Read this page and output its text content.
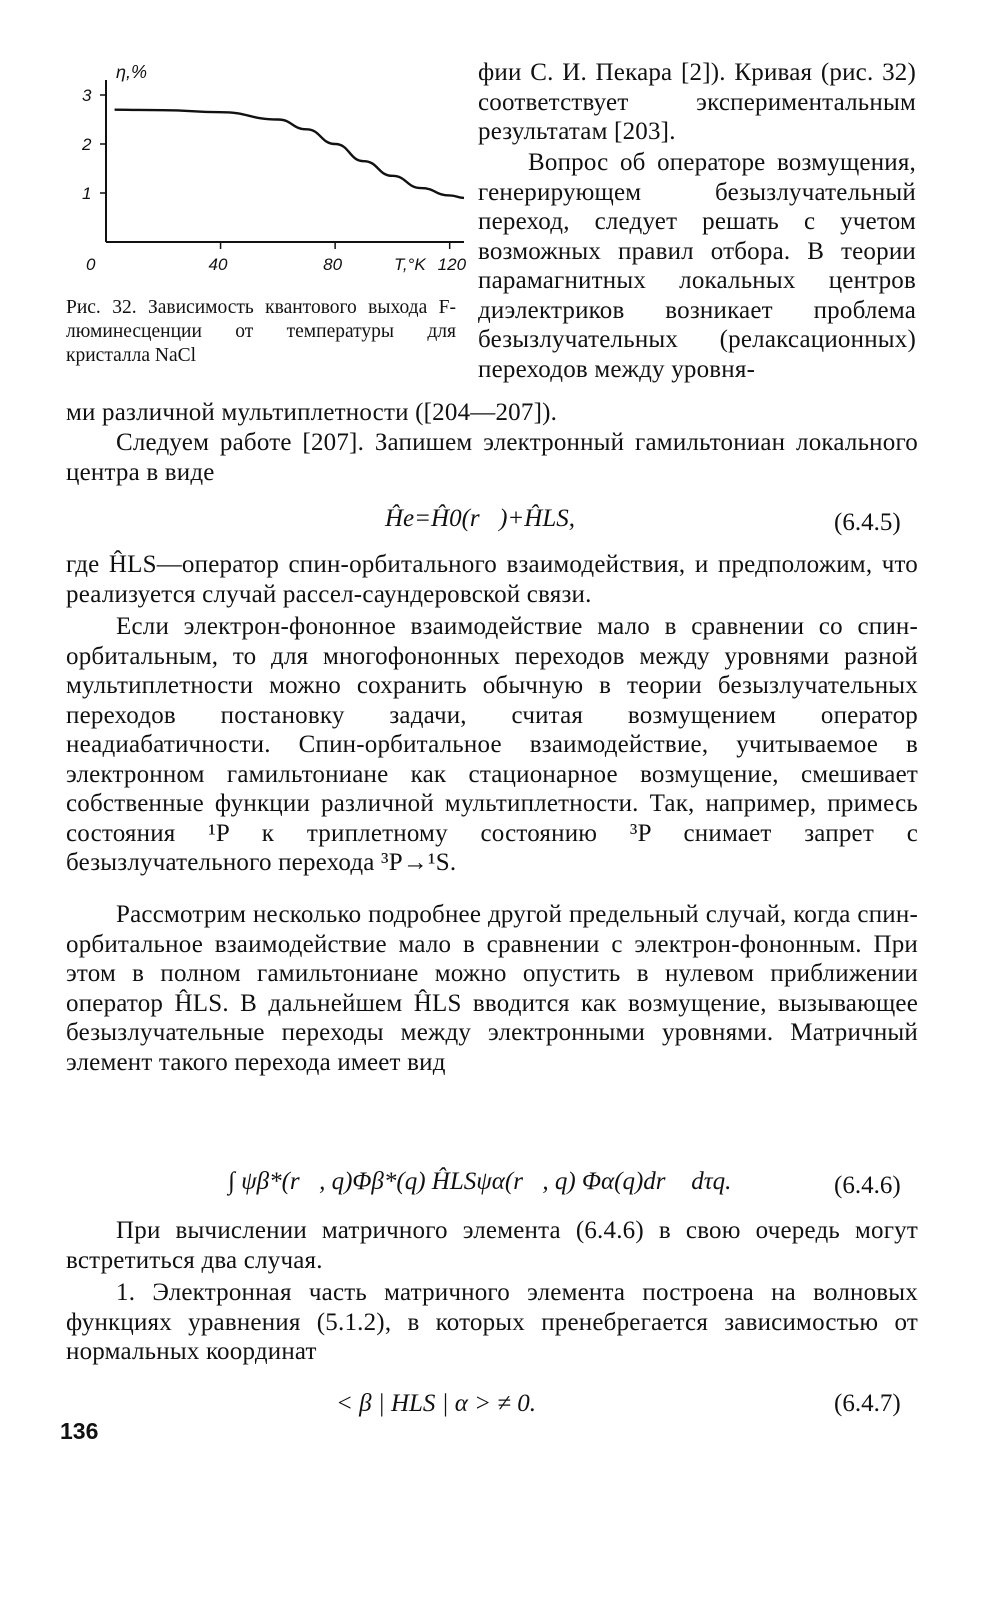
1
2
3
0	40	80	120
η,%
T,°K

Рис. 32. Зависимость квантового выхода F-люминесценции от температуры для кристалла NaCl

фии С. И. Пекара [2]). Кривая (рис. 32) соответствует экспериментальным результатам [203].

Вопрос об операторе возмущения, генерирующем безызлучательный переход, следует решать с учетом возможных правил отбора. В теории парамагнитных локальных центров диэлектриков возникает проблема безызлучательных (релаксационных) переходов между уровня-

ми различной мультиплетности ([204—207]).

Следуем работе [207]. Запишем электронный гамильтониан локального центра в виде

Ĥe=Ĥ0(r⃗)+ĤLS,	(6.4.5)

где ĤLS—оператор спин-орбитального взаимодействия, и предположим, что реализуется случай рассел-саундеровской связи.

Если электрон-фононное взаимодействие мало в сравнении со спин-орбитальным, то для многофононных переходов между уровнями разной мультиплетности можно сохранить обычную в теории безызлучательных переходов постановку задачи, считая возмущением оператор неадиабатичности. Спин-орбитальное взаимодействие, учитываемое в электронном гамильтониане как стационарное возмущение, смешивает собственные функции различной мультиплетности. Так, например, примесь состояния ¹P к триплетному состоянию ³P снимает запрет с безызлучательного перехода ³P→¹S.

Рассмотрим несколько подробнее другой предельный случай, когда спин-орбитальное взаимодействие мало в сравнении с электрон-фононным. При этом в полном гамильтониане можно опустить в нулевом приближении оператор ĤLS. В дальнейшем ĤLS вводится как возмущение, вызывающее безызлучательные переходы между электронными уровнями. Матричный элемент такого перехода имеет вид

∫ ψβ*(r⃗, q)Φβ*(q) ĤLSψα(r⃗, q) Φα(q)dr⃗ dτq.	(6.4.6)

При вычислении матричного элемента (6.4.6) в свою очередь могут встретиться два случая.

1. Электронная часть матричного элемента построена на волновых функциях уравнения (5.1.2), в которых пренебрегается зависимостью от нормальных координат

< β | HLS | α > ≠ 0.	(6.4.7)
136
